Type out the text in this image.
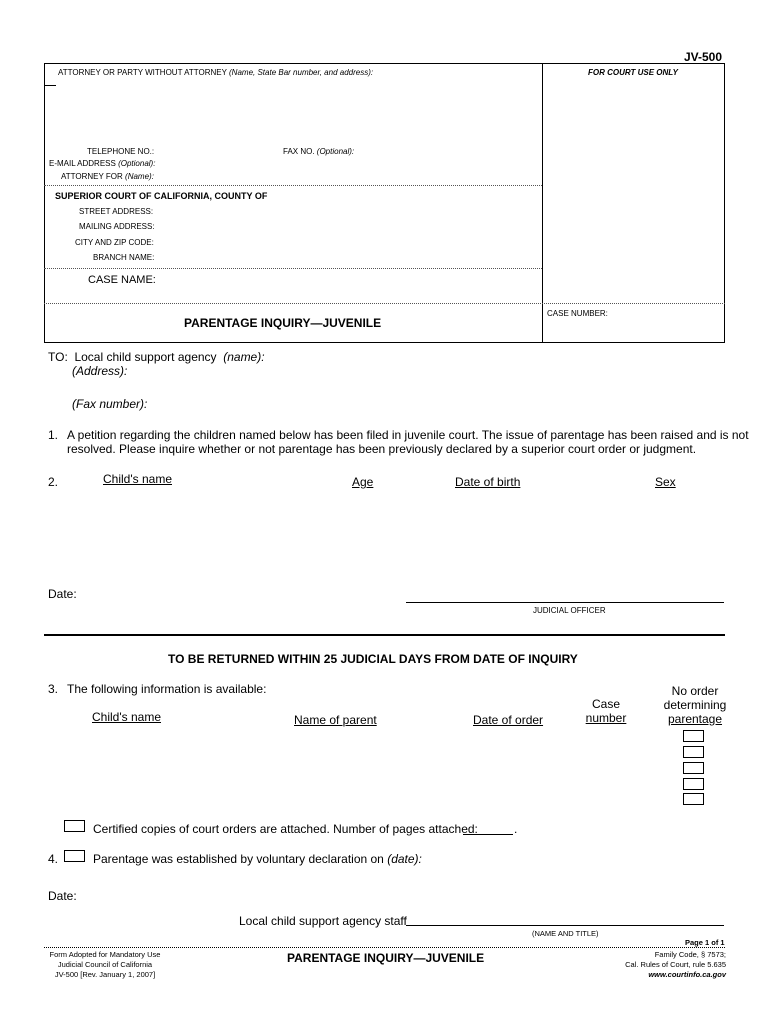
JV-500
ATTORNEY OR PARTY WITHOUT ATTORNEY (Name, State Bar number, and address):	FOR COURT USE ONLY
TELEPHONE NO.:	FAX NO. (Optional):
E-MAIL ADDRESS (Optional):
ATTORNEY FOR (Name):
SUPERIOR COURT OF CALIFORNIA, COUNTY OF
STREET ADDRESS:
MAILING ADDRESS:
CITY AND ZIP CODE:
BRANCH NAME:
CASE NAME:
CASE NUMBER:
PARENTAGE INQUIRY—JUVENILE
TO: Local child support agency (name):
(Address):
(Fax number):
1. A petition regarding the children named below has been filed in juvenile court. The issue of parentage has been raised and is not
resolved. Please inquire whether or not parentage has been previously declared by a superior court order or judgment.
2.	Child's name	Age	Date of birth	Sex
Date:
JUDICIAL OFFICER
TO BE RETURNED WITHIN 25 JUDICIAL DAYS FROM DATE OF INQUIRY
3. The following information is available:
Child's name	Name of parent	Date of order
Case
number
No order
determining
parentage
Certified copies of court orders are attached. Number of pages attached:	.
4.	Parentage was established by voluntary declaration on (date):
Date:
Local child support agency staff
(NAME AND TITLE)
Page 1 of 1
Form Adopted for Mandatory Use
Judicial Council of California
JV-500 [Rev. January 1, 2007]
PARENTAGE INQUIRY—JUVENILE	Family Code, § 7573;
Cal. Rules of Court, rule 5.635
www.courtinfo.ca.gov
